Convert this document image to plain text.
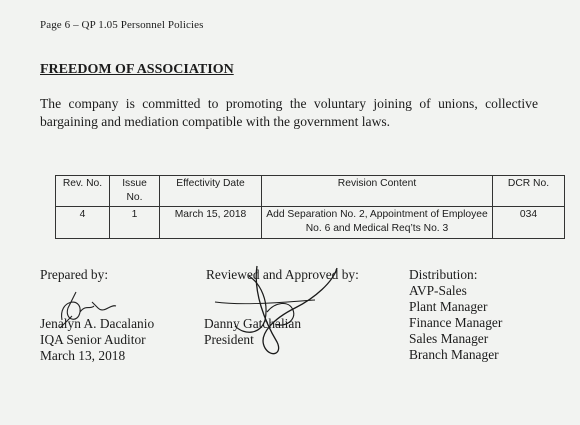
Page 6 – QP 1.05 Personnel Policies
FREEDOM OF ASSOCIATION
The company is committed to promoting the voluntary joining of unions, collective bargaining and mediation compatible with the government laws.
Rev. No.	Issue No.	Effectivity Date	Revision Content	DCR No.
4	1	March 15, 2018	Add Separation No. 2, Appointment of Employee No. 6 and Medical Req’ts No. 3	034
Prepared by:
Jenalyn A. Dacalanio
IQA Senior Auditor
March 13, 2018
Reviewed and Approved by:
Danny Gatchalian
President
Distribution:
AVP-Sales
Plant Manager
Finance Manager
Sales Manager
Branch Manager
